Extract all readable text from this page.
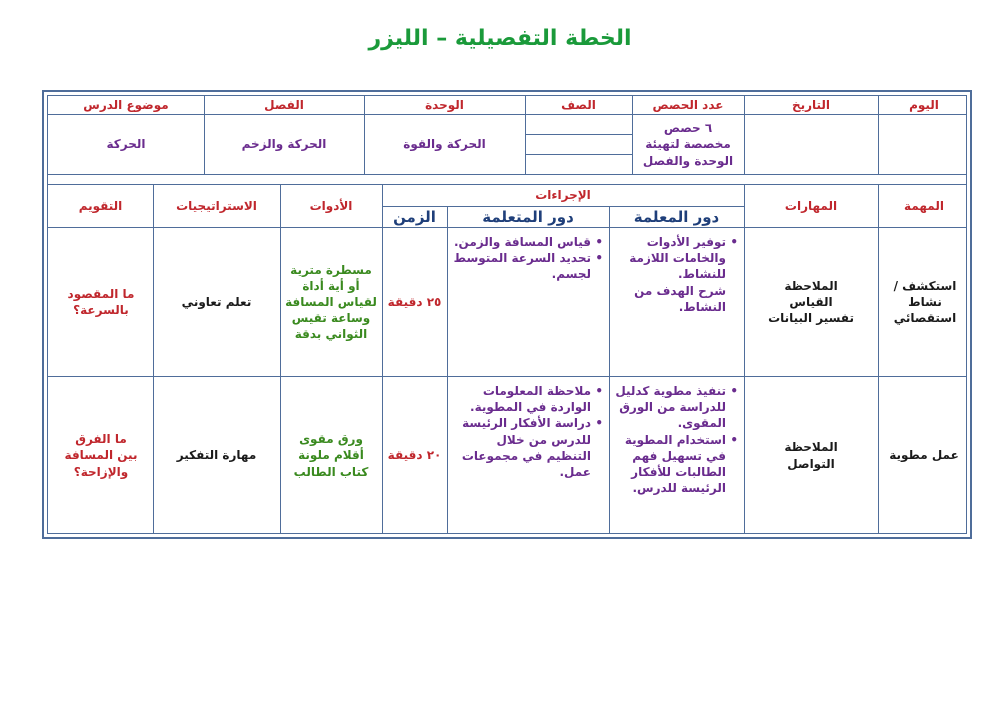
الخطة التفصيلية – الليزر
اليوم
التاريخ
عدد الحصص
الصف
الوحدة
الفصل
موضوع الدرس
٦ حصص
مخصصة لتهيئة
الوحدة والفصل
الحركة والقوة
الحركة والزخم
الحركة
المهمة
المهارات
الإجراءات
دور المعلمة
دور المتعلمة
الزمن
الأدوات
الاستراتيجيات
التقويم
استكشف / نشاط استقصائي
الملاحظة
القياس
تفسير البيانات
• توفير الأدوات والخامات اللازمة للنشاط.
شرح الهدف من النشاط.
• قياس المسافة والزمن.
• تحديد السرعة المتوسط لجسم.
٢٥ دقيقة
مسطرة مترية أو أية أداة لقياس المسافة وساعة تقيس الثواني بدقة
تعلم تعاوني
ما المقصود بالسرعة؟
عمل مطوية
الملاحظة
التواصل
• تنفيذ مطوية كدليل للدراسة من الورق المقوى.
• استخدام المطوية في تسهيل فهم الطالبات للأفكار الرئيسة للدرس.
• ملاحظة المعلومات الواردة في المطوية.
• دراسة الأفكار الرئيسة للدرس من خلال التنظيم في مجموعات عمل.
٢٠ دقيقة
ورق مقوى
أقلام ملونة
كتاب الطالب
مهارة التفكير
ما الفرق بين المسافة والإزاحة؟
